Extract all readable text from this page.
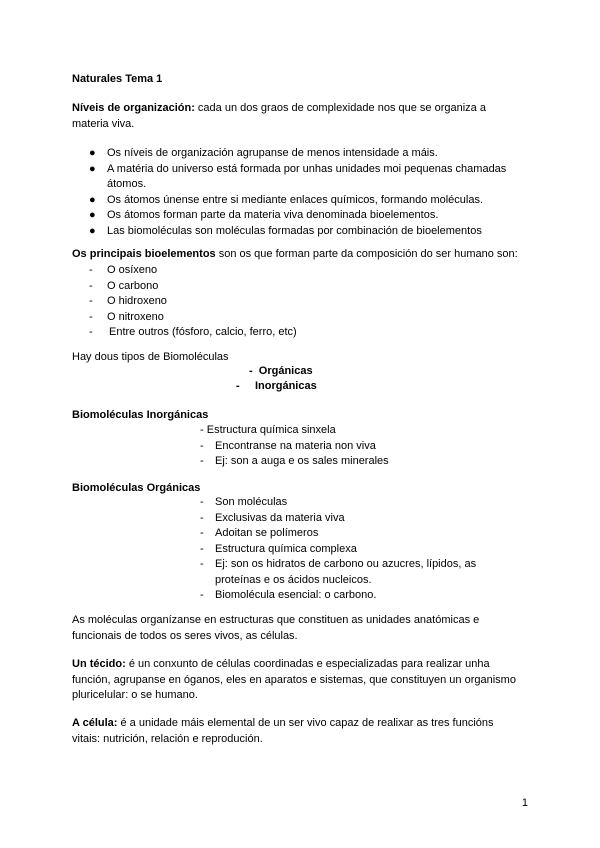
Naturales Tema 1
Níveis de organización: cada un dos graos de complexidade nos que se organiza a materia viva.
● Os níveis de organización agrupanse de menos intensidade a máis.
● A matéria do universo está formada por unhas unidades moi pequenas chamadas átomos.
● Os átomos únense entre si mediante enlaces químicos, formando moléculas.
● Os átomos forman parte da materia viva denominada bioelementos.
● Las biomoléculas son moléculas formadas por combinación de bioelementos
Os principais bioelementos son os que forman parte da composición do ser humano son:
- O osíxeno
- O carbono
- O hidroxeno
- O nitroxeno
- Entre outros (fósforo, calcio, ferro, etc)
Hay dous tipos de Biomoléculas
-  Orgánicas
-     Inorgánicas
Biomoléculas Inorgánicas
- Estructura química sinxela
- Encontranse na materia non viva
- Ej: son a auga e os sales minerales
Biomoléculas Orgánicas
- Son moléculas
- Exclusivas da materia viva
- Adoitan se polímeros
- Estructura química complexa
-	Ej: son os hidratos de carbono ou azucres, lípidos, as proteínas e os ácidos nucleicos.
- Biomolécula esencial: o carbono.
As moléculas organízanse en estructuras que constituen as unidades anatómicas e funcionais de todos os seres vivos, as células.
Un técido: é un conxunto de células coordinadas e especializadas para realizar unha función, agrupanse en óganos, eles en aparatos e sistemas, que constituyen un organismo pluricelular: o se humano.
A célula: é a unidade máis elemental de un ser vivo capaz de realixar as tres funcións vitais: nutrición, relación e reprodución.
1
